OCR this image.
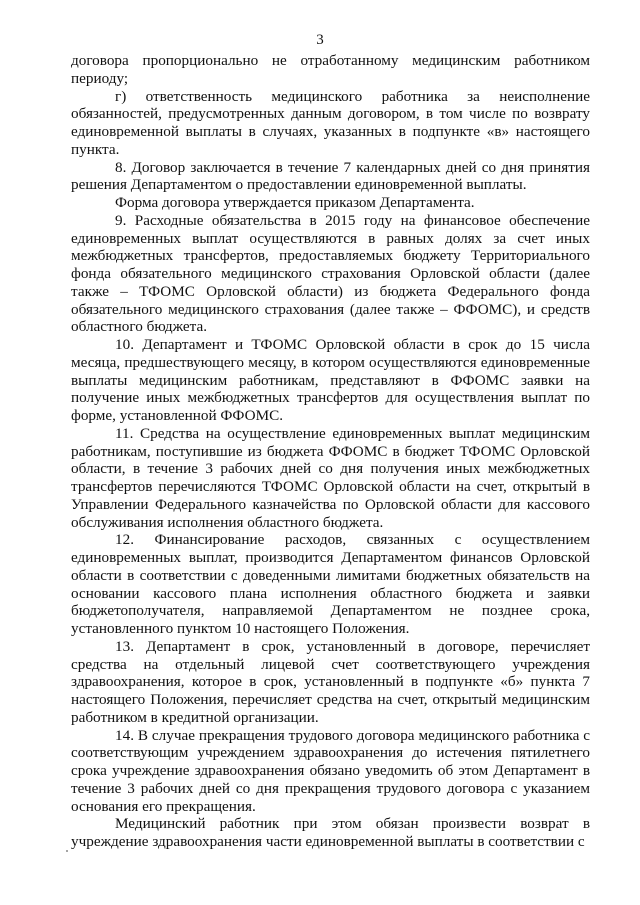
3

договора пропорционально не отработанному медицинским работником периоду;

г) ответственность медицинского работника за неисполнение обязанностей, предусмотренных данным договором, в том числе по возврату единовременной выплаты в случаях, указанных в подпункте «в» настоящего пункта.

8. Договор заключается в течение 7 календарных дней со дня принятия решения Департаментом о предоставлении единовременной выплаты.

Форма договора утверждается приказом Департамента.

9. Расходные обязательства в 2015 году на финансовое обеспечение единовременных выплат осуществляются в равных долях за счет иных межбюджетных трансфертов, предоставляемых бюджету Территориального фонда обязательного медицинского страхования Орловской области (далее также – ТФОМС Орловской области) из бюджета Федерального фонда обязательного медицинского страхования (далее также – ФФОМС), и средств областного бюджета.

10. Департамент и ТФОМС Орловской области в срок до 15 числа месяца, предшествующего месяцу, в котором осуществляются единовременные выплаты медицинским работникам, представляют в ФФОМС заявки на получение иных межбюджетных трансфертов для осуществления выплат по форме, установленной ФФОМС.

11. Средства на осуществление единовременных выплат медицинским работникам, поступившие из бюджета ФФОМС в бюджет ТФОМС Орловской области, в течение 3 рабочих дней со дня получения иных межбюджетных трансфертов перечисляются ТФОМС Орловской области на счет, открытый в Управлении Федерального казначейства по Орловской области для кассового обслуживания исполнения областного бюджета.

12. Финансирование расходов, связанных с осуществлением единовременных выплат, производится Департаментом финансов Орловской области в соответствии с доведенными лимитами бюджетных обязательств на основании кассового плана исполнения областного бюджета и заявки бюджетополучателя, направляемой Департаментом не позднее срока, установленного пунктом 10 настоящего Положения.

13. Департамент в срок, установленный в договоре, перечисляет средства на отдельный лицевой счет соответствующего учреждения здравоохранения, которое в срок, установленный в подпункте «б» пункта 7 настоящего Положения, перечисляет средства на счет, открытый медицинским работником в кредитной организации.

14. В случае прекращения трудового договора медицинского работника с соответствующим учреждением здравоохранения до истечения пятилетнего срока учреждение здравоохранения обязано уведомить об этом Департамент в течение 3 рабочих дней со дня прекращения трудового договора с указанием основания его прекращения.

Медицинский работник при этом обязан произвести возврат в учреждение здравоохранения части единовременной выплаты в соответствии с
